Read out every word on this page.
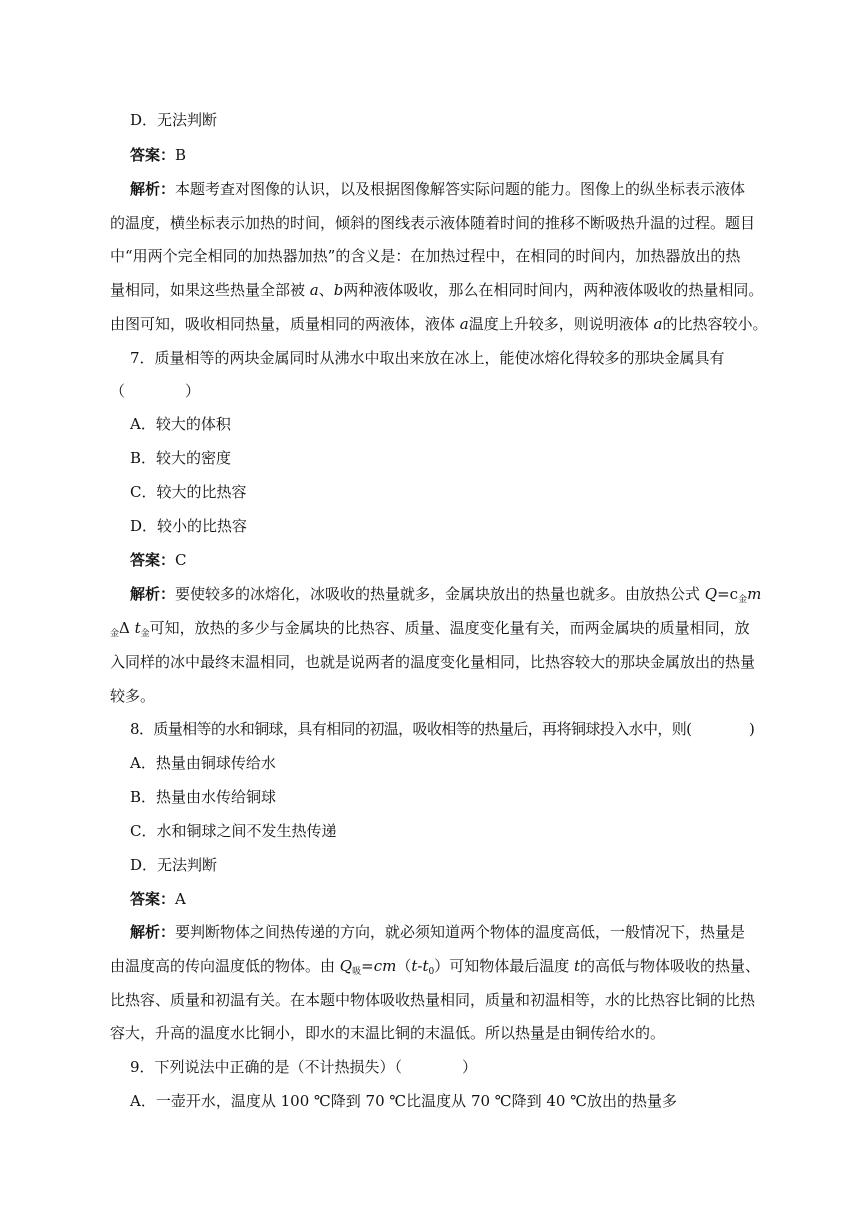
D．无法判断
答案：B
解析：本题考查对图像的认识，以及根据图像解答实际问题的能力。图像上的纵坐标表示液体
的温度，横坐标表示加热的时间，倾斜的图线表示液体随着时间的推移不断吸热升温的过程。题目
中“用两个完全相同的加热器加热”的含义是：在加热过程中，在相同的时间内，加热器放出的热
量相同，如果这些热量全部被 a、b两种液体吸收，那么在相同时间内，两种液体吸收的热量相同。
由图可知，吸收相同热量，质量相同的两液体，液体 a温度上升较多，则说明液体 a的比热容较小。
7．质量相等的两块金属同时从沸水中取出来放在冰上，能使冰熔化得较多的那块金属具有
（　　　　）
A．较大的体积
B．较大的密度
C．较大的比热容
D．较小的比热容
答案：C
解析：要使较多的冰熔化，冰吸收的热量就多，金属块放出的热量也就多。由放热公式 $Q=c_金m$
$_金$Δ $t_金$可知，放热的多少与金属块的比热容、质量、温度变化量有关，而两金属块的质量相同，放
入同样的冰中最终末温相同，也就是说两者的温度变化量相同，比热容较大的那块金属放出的热量
较多。
8．质量相等的水和铜球，具有相同的初温，吸收相等的热量后，再将铜球投入水中，则(　　　　)
A．热量由铜球传给水
B．热量由水传给铜球
C．水和铜球之间不发生热传递
D．无法判断
答案：A
解析：要判断物体之间热传递的方向，就必须知道两个物体的温度高低，一般情况下，热量是
由温度高的传向温度低的物体。由 $Q_吸=cm(t-t_0)$可知物体最后温度 t的高低与物体吸收的热量、
比热容、质量和初温有关。在本题中物体吸收热量相同，质量和初温相等，水的比热容比铜的比热
容大，升高的温度水比铜小，即水的末温比铜的末温低。所以热量是由铜传给水的。
9．下列说法中正确的是（不计热损失）（　　　　）
A．一壶开水，温度从 100 ℃降到 70 ℃比温度从 70 ℃降到 40 ℃放出的热量多
